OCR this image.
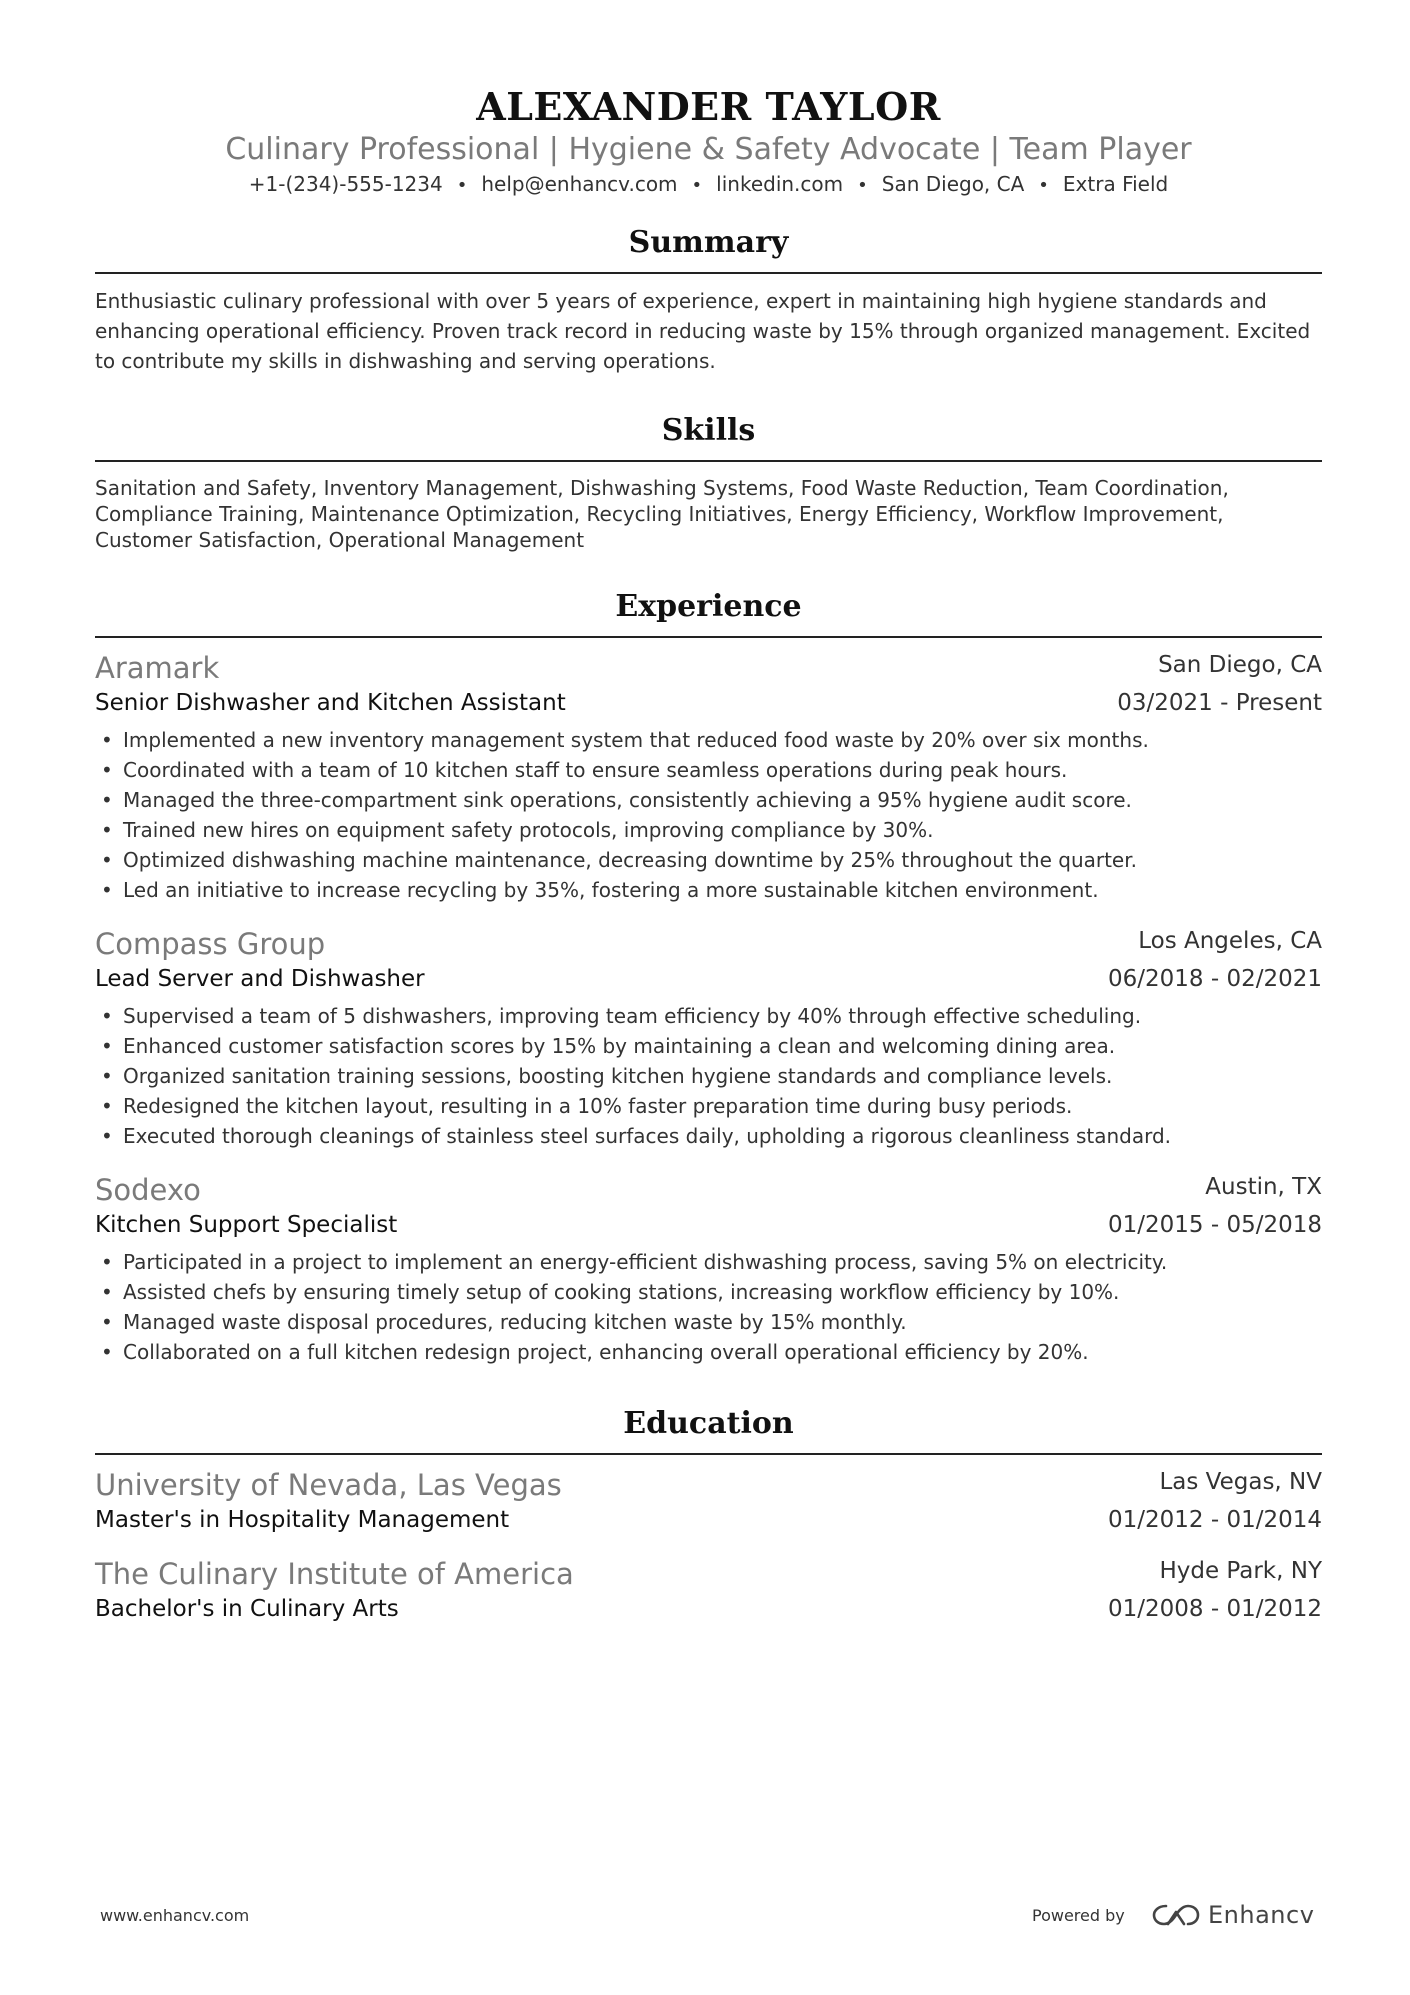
ALEXANDER TAYLOR
Culinary Professional | Hygiene & Safety Advocate | Team Player
+1-(234)-555-1234 • help@enhancv.com • linkedin.com • San Diego, CA • Extra Field
Summary
Enthusiastic culinary professional with over 5 years of experience, expert in maintaining high hygiene standards and enhancing operational efficiency. Proven track record in reducing waste by 15% through organized management. Excited to contribute my skills in dishwashing and serving operations.
Skills
Sanitation and Safety, Inventory Management, Dishwashing Systems, Food Waste Reduction, Team Coordination, Compliance Training, Maintenance Optimization, Recycling Initiatives, Energy Efficiency, Workflow Improvement, Customer Satisfaction, Operational Management
Experience
Aramark	San Diego, CA
Senior Dishwasher and Kitchen Assistant	03/2021 - Present
• Implemented a new inventory management system that reduced food waste by 20% over six months.
• Coordinated with a team of 10 kitchen staff to ensure seamless operations during peak hours.
• Managed the three-compartment sink operations, consistently achieving a 95% hygiene audit score.
• Trained new hires on equipment safety protocols, improving compliance by 30%.
• Optimized dishwashing machine maintenance, decreasing downtime by 25% throughout the quarter.
• Led an initiative to increase recycling by 35%, fostering a more sustainable kitchen environment.
Compass Group	Los Angeles, CA
Lead Server and Dishwasher	06/2018 - 02/2021
• Supervised a team of 5 dishwashers, improving team efficiency by 40% through effective scheduling.
• Enhanced customer satisfaction scores by 15% by maintaining a clean and welcoming dining area.
• Organized sanitation training sessions, boosting kitchen hygiene standards and compliance levels.
• Redesigned the kitchen layout, resulting in a 10% faster preparation time during busy periods.
• Executed thorough cleanings of stainless steel surfaces daily, upholding a rigorous cleanliness standard.
Sodexo	Austin, TX
Kitchen Support Specialist	01/2015 - 05/2018
• Participated in a project to implement an energy-efficient dishwashing process, saving 5% on electricity.
• Assisted chefs by ensuring timely setup of cooking stations, increasing workflow efficiency by 10%.
• Managed waste disposal procedures, reducing kitchen waste by 15% monthly.
• Collaborated on a full kitchen redesign project, enhancing overall operational efficiency by 20%.
Education
University of Nevada, Las Vegas	Las Vegas, NV
Master's in Hospitality Management	01/2012 - 01/2014
The Culinary Institute of America	Hyde Park, NY
Bachelor's in Culinary Arts	01/2008 - 01/2012
www.enhancv.com	Powered by	Enhancv
